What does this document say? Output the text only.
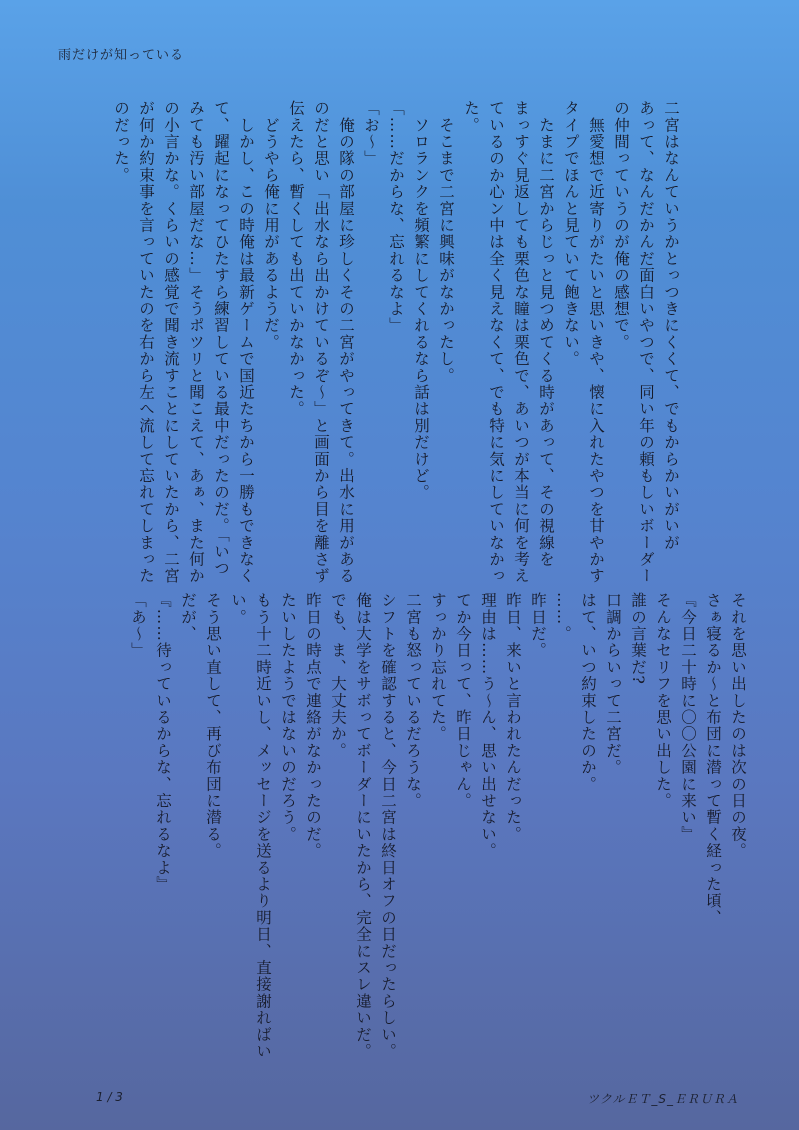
雨だけが知っている
二宮はなんていうかとっつきにくくて、でもからかいがいが
あって、なんだかんだ面白いやつで、同い年の頼もしいボーダー
の仲間っていうのが俺の感想で。
　無愛想で近寄りがたいと思いきや、懐に入れたやつを甘やかす
タイプでほんと見ていて飽きない。
　たまに二宮からじっと見つめてくる時があって、その視線を
まっすぐ見返しても栗色な瞳は栗色で、あいつが本当に何を考え
ているのか心ン中は全く見えなくて、でも特に気にしていなかっ
た。
　そこまで二宮に興味がなかったし。
　ソロランクを頻繁にしてくれるなら話は別だけど。
「……だからな、忘れるなよ」
「お〜」
　俺の隊の部屋に珍しくその二宮がやってきて。出水に用がある
のだと思い「出水なら出かけているぞ〜」と画面から目を離さず
伝えたら、暫くしても出ていかなかった。
　どうやら俺に用があるようだ。
　しかし、この時俺は最新ゲームで国近たちから一勝もできなく
て、躍起になってひたすら練習している最中だったのだ。「いつ
みても汚い部屋だな…」そうポツリと聞こえて、あぁ、また何か
の小言かな。くらいの感覚で聞き流すことにしていたから、二宮
が何か約束事を言っていたのを右から左へ流して忘れてしまった
のだった。
それを思い出したのは次の日の夜。
さぁ寝るか〜と布団に潜って暫く経った頃、
『今日二十時に〇〇公園に来い』
そんなセリフを思い出した。
誰の言葉だ?
口調からいって二宮だ。
はて、いつ約束したのか。
……。
昨日だ。
昨日、来いと言われたんだった。
理由は……う〜ん、思い出せない。
てか今日って、昨日じゃん。
すっかり忘れてた。
二宮も怒っているだろうな。
シフトを確認すると、今日二宮は終日オフの日だったらしい。
俺は大学をサボってボーダーにいたから、完全にスレ違いだ。
でも、ま、大丈夫か。
昨日の時点で連絡がなかったのだ。
たいしたようではないのだろう。
もう十二時近いし、メッセージを送るより明日、直接謝ればい
い。
そう思い直して、再び布団に潜る。
だが、
『……待っているからな、忘れるなよ』
「あ〜」
1 / 3	ツクルＥＴ_S_ＥＲＵＲＡ
